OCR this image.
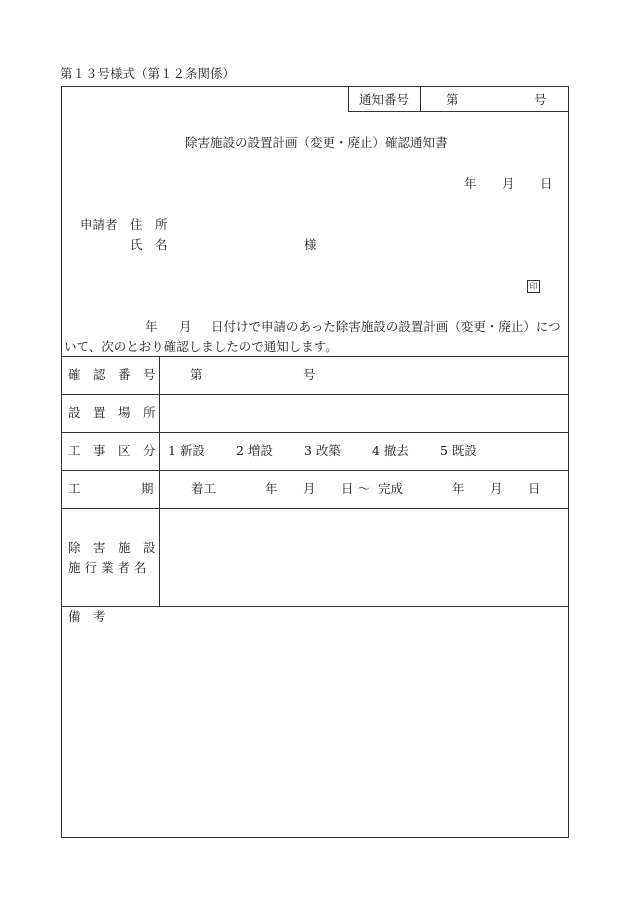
第１３号様式（第１２条関係）
通知番号	第	号
除害施設の設置計画（変更・廃止）確認通知書
年 月 日
申請者 住　所
氏　名	様
印
年 月 日付けで申請のあった除害施設の設置計画（変更・廃止）につ
いて、次のとおり確認しましたので通知します。
確　認　番　号	第	号
設　置　場　所
工　事　区　分 1 新設 2 増設 3 改築 4 撤去 5 既設
工	期	着工	年 月 日 〜 完成	年 月 日
除　害　施　設
施 行 業 者 名
備　考
